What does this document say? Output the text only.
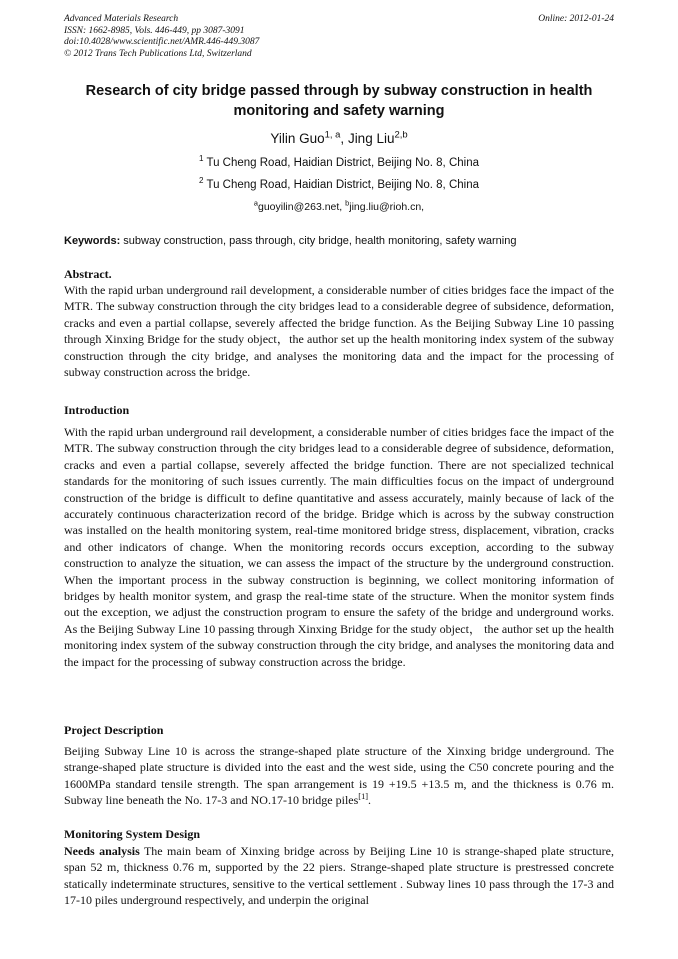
Advanced Materials Research
ISSN: 1662-8985, Vols. 446-449, pp 3087-3091
doi:10.4028/www.scientific.net/AMR.446-449.3087
© 2012 Trans Tech Publications Ltd, Switzerland
Online: 2012-01-24
Research of city bridge passed through by subway construction in health monitoring and safety warning
Yilin Guo$^{1, a}$, Jing Liu$^{2,b}$
$^1$ Tu Cheng Road, Haidian District, Beijing No. 8, China
$^2$ Tu Cheng Road, Haidian District, Beijing No. 8, China
$^a$guoyilin@263.net, $^b$jing.liu@rioh.cn,
Keywords: subway construction, pass through, city bridge, health monitoring, safety warning
Abstract.
With the rapid urban underground rail development, a considerable number of cities bridges face the impact of the MTR. The subway construction through the city bridges lead to a considerable degree of subsidence, deformation, cracks and even a partial collapse, severely affected the bridge function. As the Beijing Subway Line 10 passing through Xinxing Bridge for the study object，the author set up the health monitoring index system of the subway construction through the city bridge, and analyses the monitoring data and the impact for the processing of subway construction across the bridge.
Introduction
With the rapid urban underground rail development, a considerable number of cities bridges face the impact of the MTR. The subway construction through the city bridges lead to a considerable degree of subsidence, deformation, cracks and even a partial collapse, severely affected the bridge function. There are not specialized technical standards for the monitoring of such issues currently. The main difficulties focus on the impact of underground construction of the bridge is difficult to define quantitative and assess accurately, mainly because of lack of the accurately continuous characterization record of the bridge. Bridge which is across by the subway construction was installed on the health monitoring system, real-time monitored bridge stress, displacement, vibration, cracks and other indicators of change. When the monitoring records occurs exception, according to the subway construction to analyze the situation, we can assess the impact of the structure by the underground construction. When the important process in the subway construction is beginning, we collect monitoring information of bridges by health monitor system, and grasp the real-time state of the structure. When the monitor system finds out the exception, we adjust the construction program to ensure the safety of the bridge and underground works. As the Beijing Subway Line 10 passing through Xinxing Bridge for the study object， the author set up the health monitoring index system of the subway construction through the city bridge, and analyses the monitoring data and the impact for the processing of subway construction across the bridge.
Project Description
Beijing Subway Line 10 is across the strange-shaped plate structure of the Xinxing bridge underground. The strange-shaped plate structure is divided into the east and the west side, using the C50 concrete pouring and the 1600MPa standard tensile strength. The span arrangement is 19 +19.5 +13.5 m, and the thickness is 0.76 m. Subway line beneath the No. 17-3 and NO.17-10 bridge piles[1].
Monitoring System Design
Needs analysis The main beam of Xinxing bridge across by Beijing Line 10 is strange-shaped plate structure, span 52 m, thickness 0.76 m, supported by the 22 piers. Strange-shaped plate structure is prestressed concrete statically indeterminate structures, sensitive to the vertical settlement . Subway lines 10 pass through the 17-3 and 17-10 piles underground respectively, and underpin the original
